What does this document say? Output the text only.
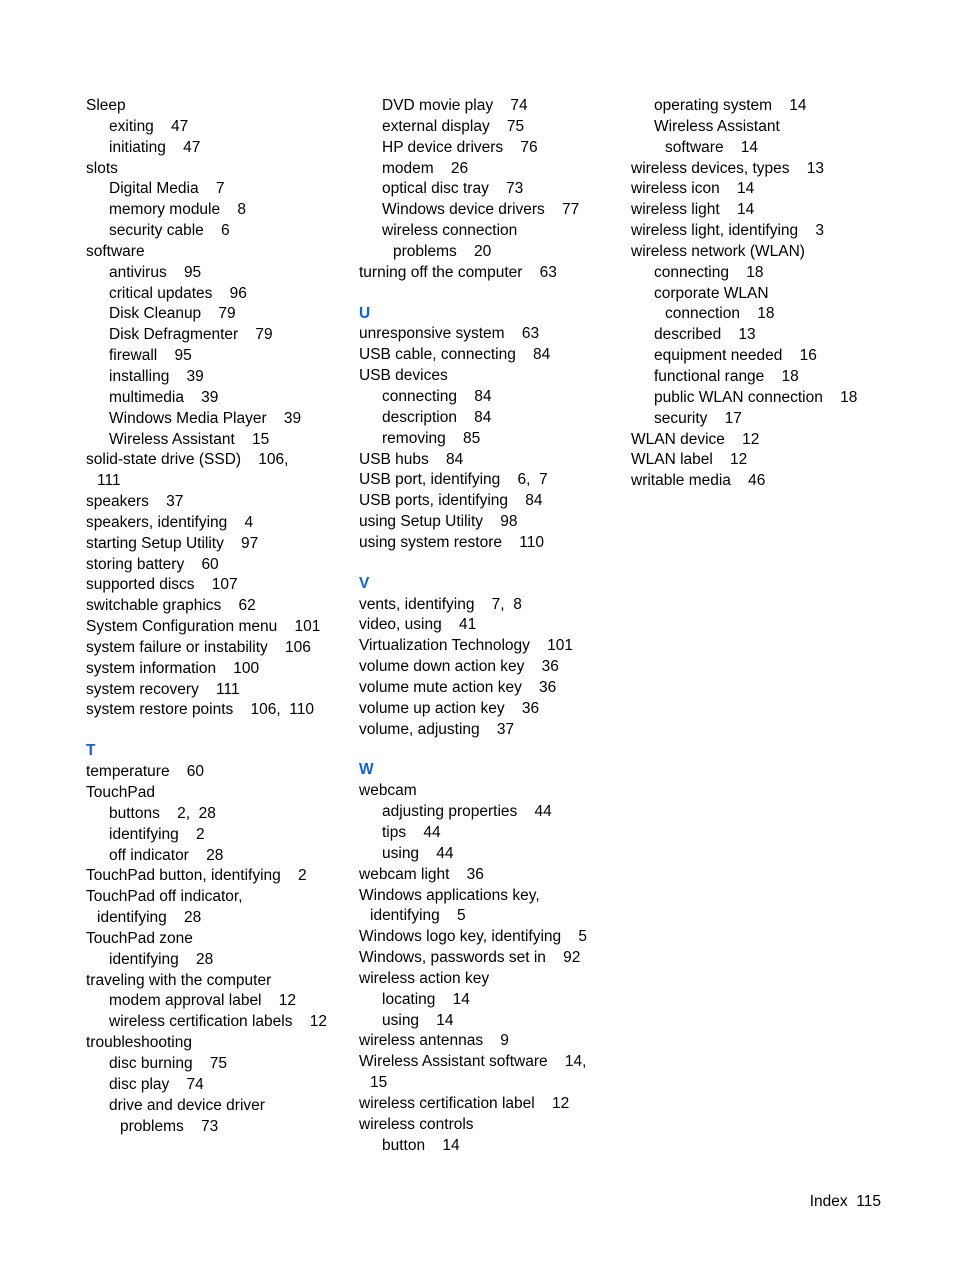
Sleep
exiting    47
initiating    47
slots
Digital Media    7
memory module    8
security cable    6
software
antivirus    95
critical updates    96
Disk Cleanup    79
Disk Defragmenter    79
firewall    95
installing    39
multimedia    39
Windows Media Player    39
Wireless Assistant    15
solid-state drive (SSD)    106,
111
speakers    37
speakers, identifying    4
starting Setup Utility    97
storing battery    60
supported discs    107
switchable graphics    62
System Configuration menu    101
system failure or instability    106
system information    100
system recovery    111
system restore points    106,  110
T
temperature    60
TouchPad
buttons    2,  28
identifying    2
off indicator    28
TouchPad button, identifying    2
TouchPad off indicator,
identifying    28
TouchPad zone
identifying    28
traveling with the computer
modem approval label    12
wireless certification labels    12
troubleshooting
disc burning    75
disc play    74
drive and device driver
problems    73
DVD movie play    74
external display    75
HP device drivers    76
modem    26
optical disc tray    73
Windows device drivers    77
wireless connection
problems    20
turning off the computer    63
U
unresponsive system    63
USB cable, connecting    84
USB devices
connecting    84
description    84
removing    85
USB hubs    84
USB port, identifying    6,  7
USB ports, identifying    84
using Setup Utility    98
using system restore    110
V
vents, identifying    7,  8
video, using    41
Virtualization Technology    101
volume down action key    36
volume mute action key    36
volume up action key    36
volume, adjusting    37
W
webcam
adjusting properties    44
tips    44
using    44
webcam light    36
Windows applications key,
identifying    5
Windows logo key, identifying    5
Windows, passwords set in    92
wireless action key
locating    14
using    14
wireless antennas    9
Wireless Assistant software    14,
15
wireless certification label    12
wireless controls
button    14
operating system    14
Wireless Assistant
software    14
wireless devices, types    13
wireless icon    14
wireless light    14
wireless light, identifying    3
wireless network (WLAN)
connecting    18
corporate WLAN
connection    18
described    13
equipment needed    16
functional range    18
public WLAN connection    18
security    17
WLAN device    12
WLAN label    12
writable media    46
Index  115
